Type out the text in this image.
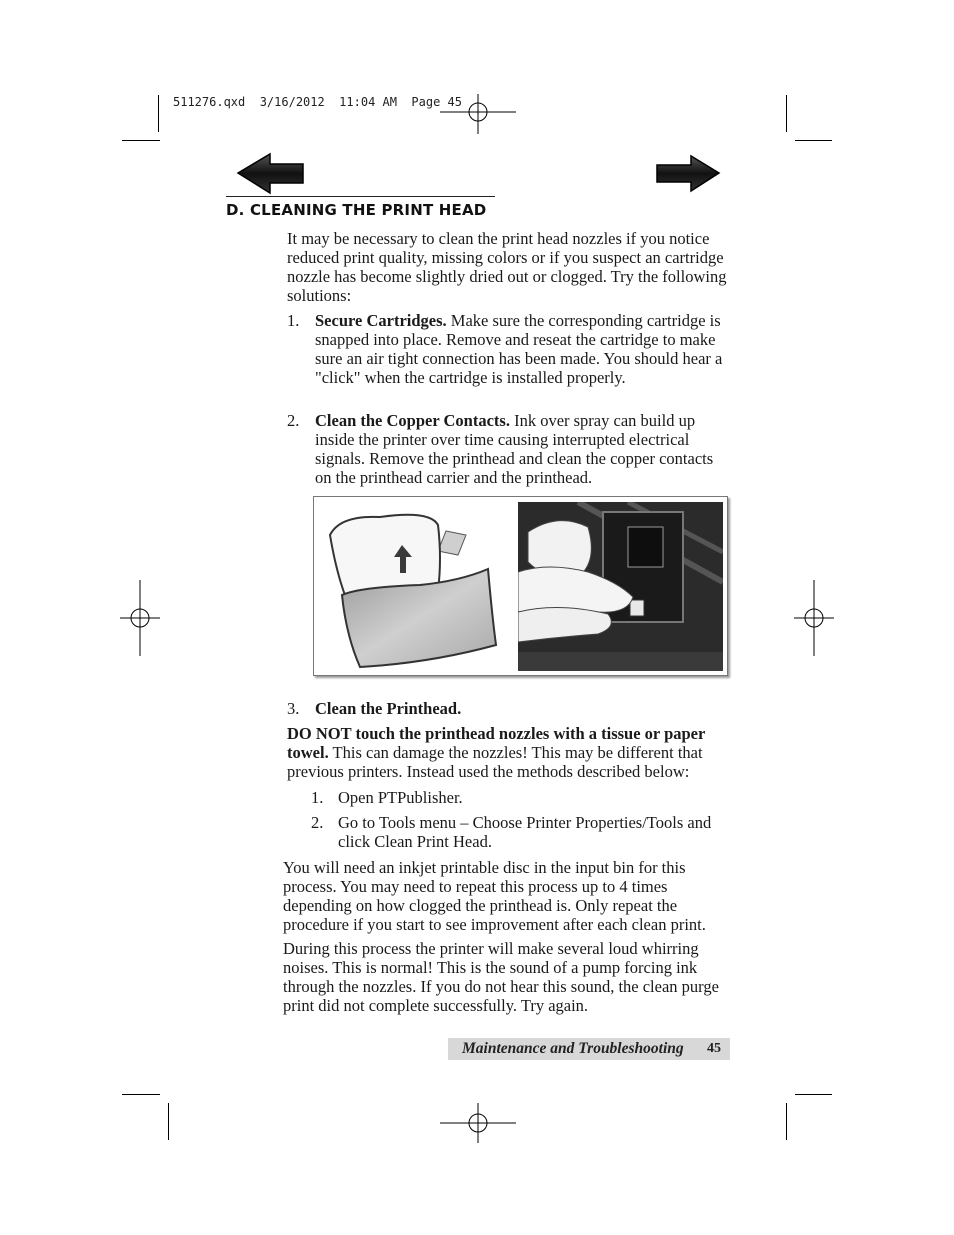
511276.qxd  3/16/2012  11:04 AM  Page 45
D. CLEANING THE PRINT HEAD

It may be necessary to clean the print head nozzles if you notice reduced print quality, missing colors or if you suspect an cartridge nozzle has become slightly dried out or clogged. Try the following solutions:

1. Secure Cartridges. Make sure the corresponding cartridge is snapped into place. Remove and reseat the cartridge to make sure an air tight connection has been made. You should hear a "click" when the cartridge is installed properly.
2. Clean the Copper Contacts. Ink over spray can build up inside the printer over time causing interrupted electrical signals. Remove the printhead and clean the copper contacts on the printhead carrier and the printhead.
3. Clean the Printhead.

DO NOT touch the printhead nozzles with a tissue or paper towel. This can damage the nozzles! This may be different that previous printers. Instead used the methods described below:

1. Open PTPublisher.
2. Go to Tools menu – Choose Printer Properties/Tools and click Clean Print Head.

You will need an inkjet printable disc in the input bin for this process. You may need to repeat this process up to 4 times depending on how clogged the printhead is. Only repeat the procedure if you start to see improvement after each clean print.

During this process the printer will make several loud whirring noises. This is normal! This is the sound of a pump forcing ink through the nozzles. If you do not hear this sound, the clean purge print did not complete successfully. Try again.

Maintenance and Troubleshooting 45
